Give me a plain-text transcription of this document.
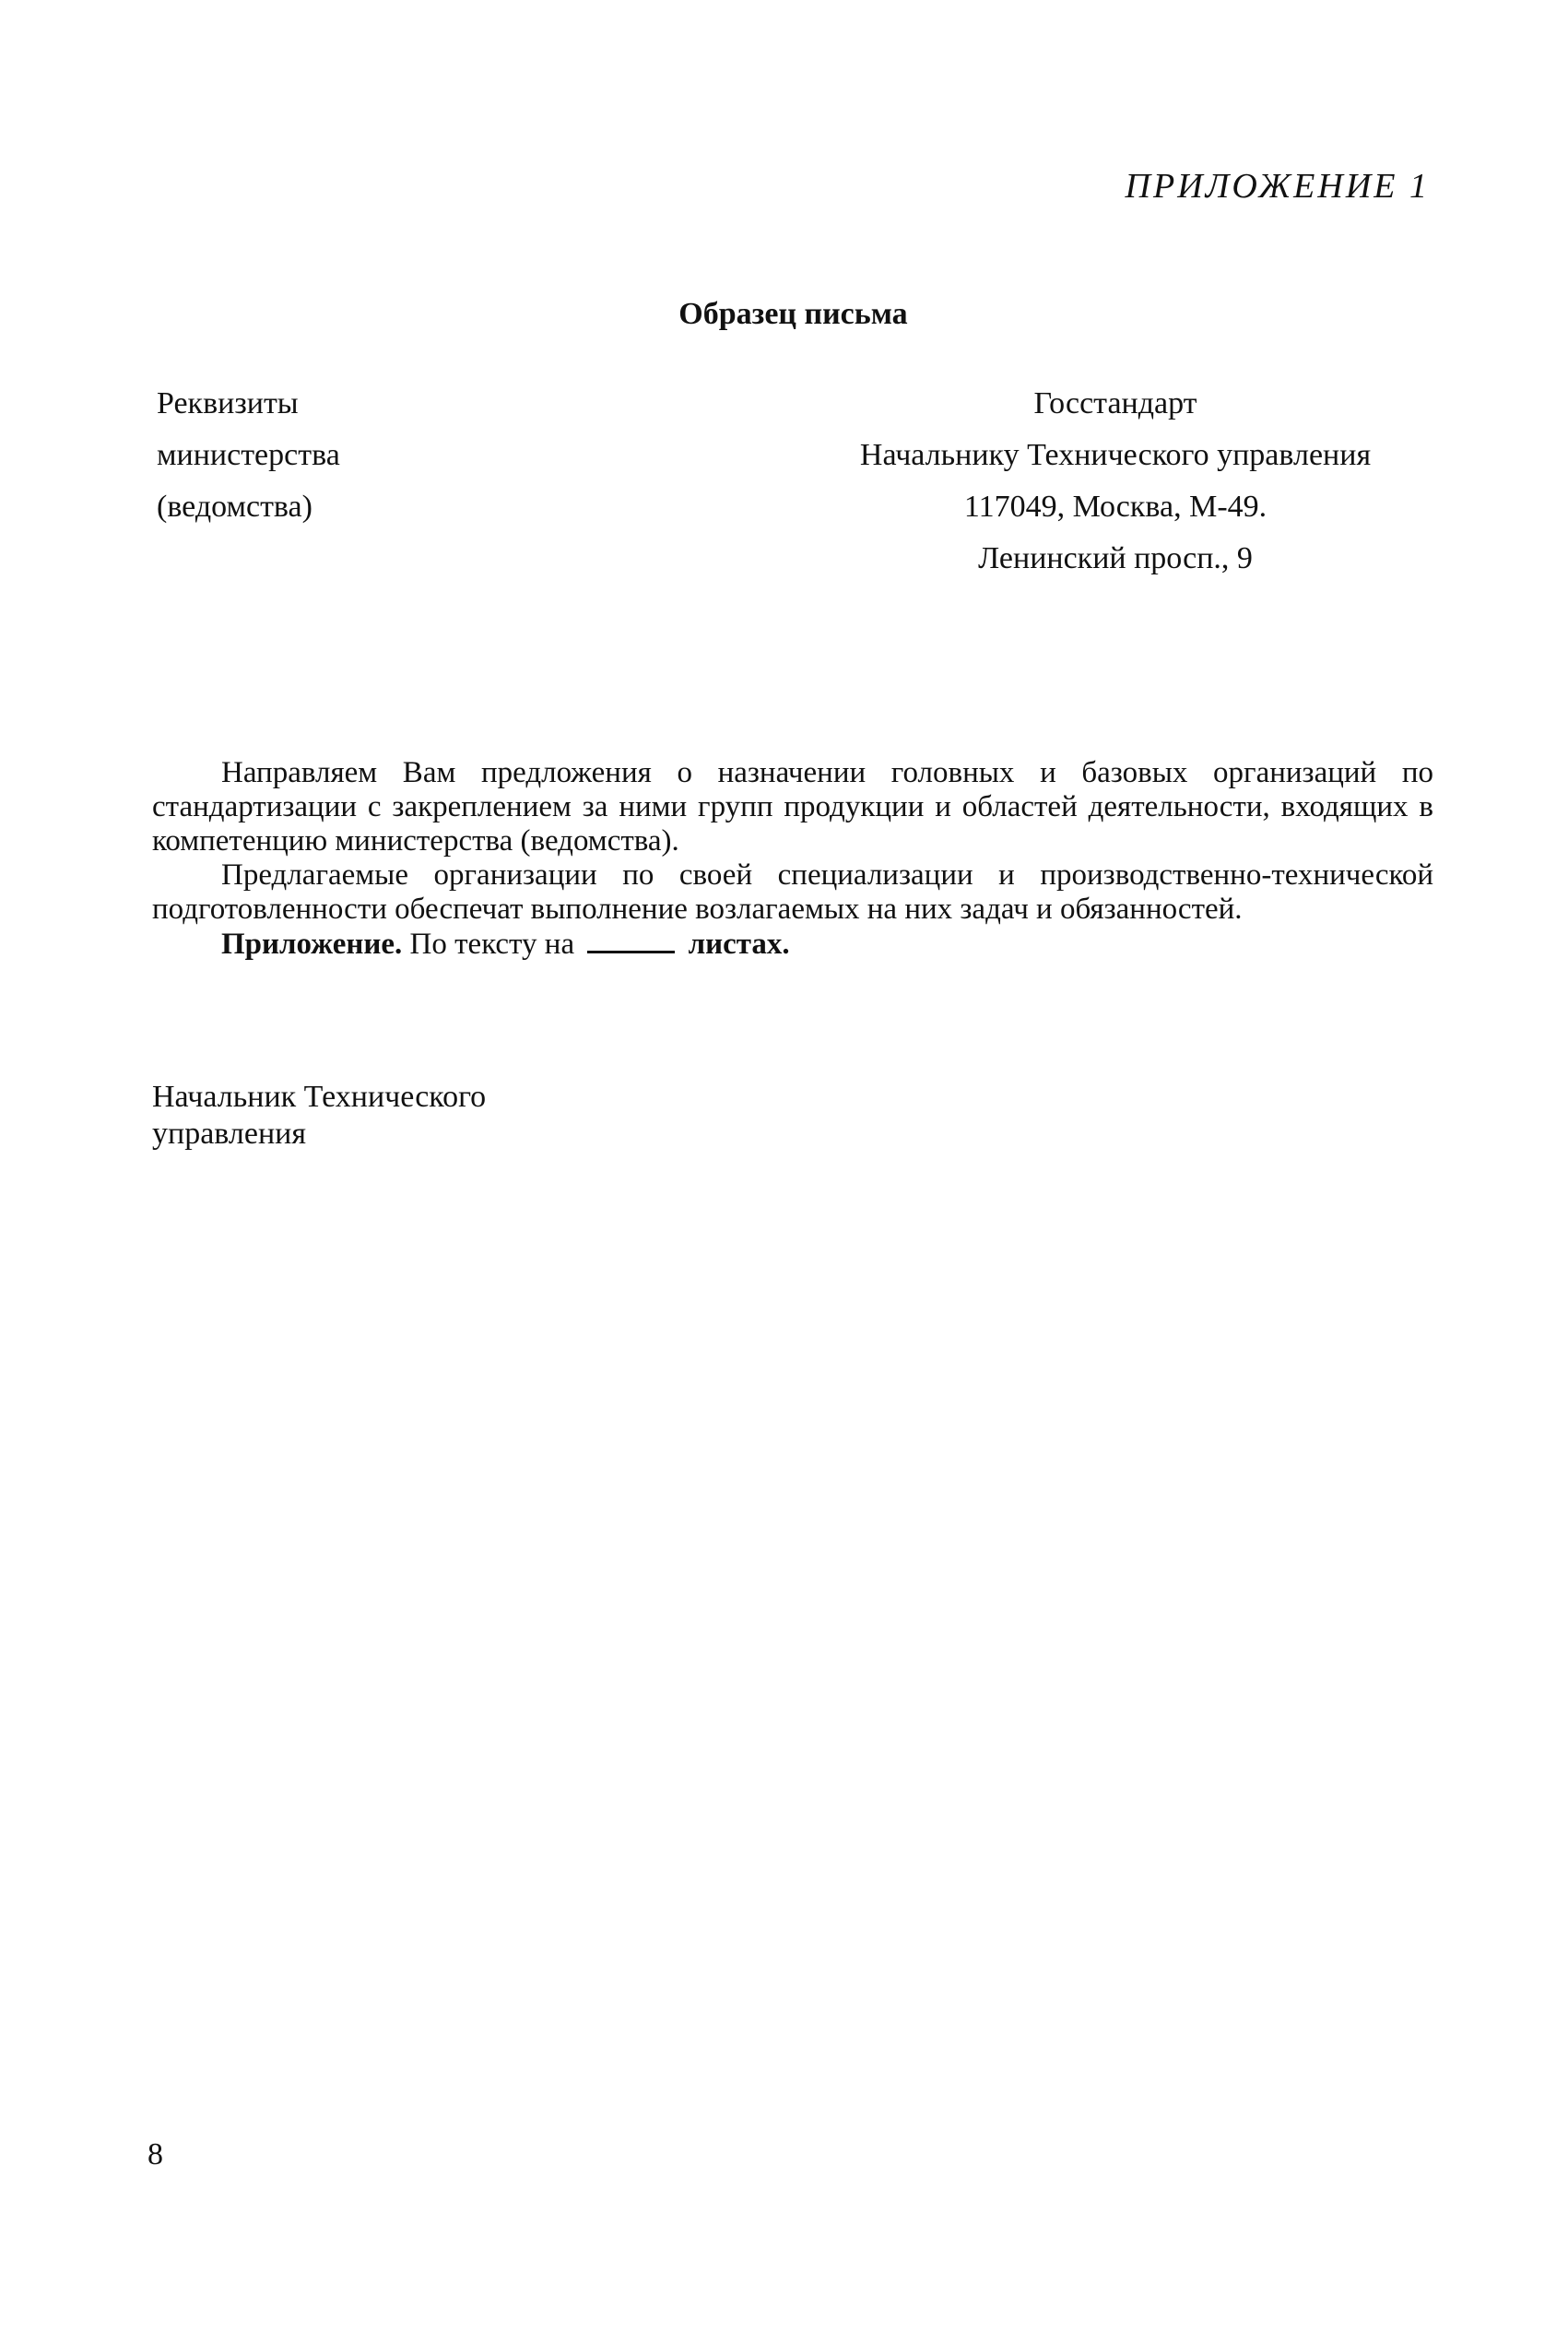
ПРИЛОЖЕНИЕ 1
Образец письма
Реквизиты
министерства
(ведомства)
Госстандарт
Начальнику Технического управления
117049, Москва, М-49.
Ленинский просп., 9

Направляем Вам предложения о назначении головных и базовых организаций по стандартизации с закреплением за ними групп продукции и областей деятельности, входящих в компетенцию министерства (ведомства).

Предлагаемые организации по своей специализации и производственно-технической подготовленности обеспечат выполнение возлагаемых на них задач и обязанностей.

Приложение. По тексту на	листах.

Начальник Технического
управления
8
